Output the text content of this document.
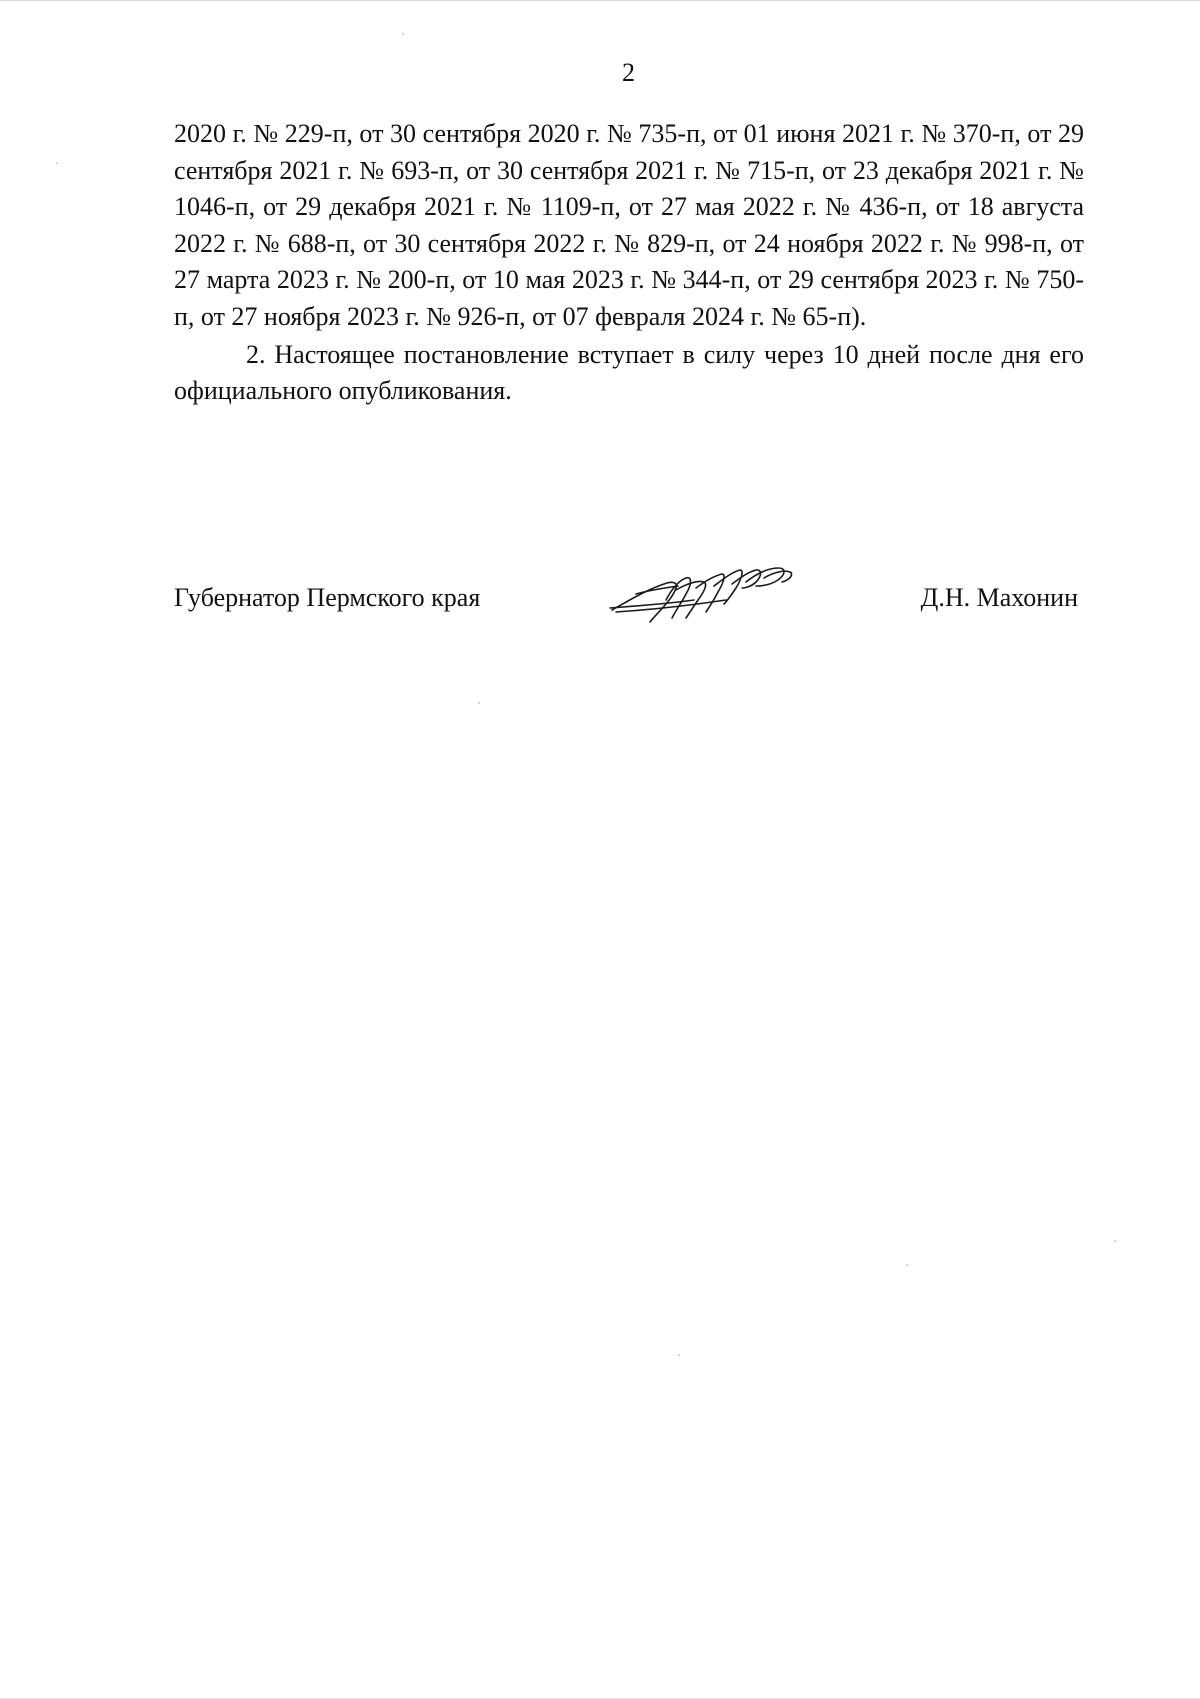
2

2020 г. № 229-п, от 30 сентября 2020 г. № 735-п, от 01 июня 2021 г. № 370-п, от 29 сентября 2021 г. № 693-п, от 30 сентября 2021 г. № 715-п, от 23 декабря 2021 г. № 1046-п, от 29 декабря 2021 г. № 1109-п, от 27 мая 2022 г. № 436-п, от 18 августа 2022 г. № 688-п, от 30 сентября 2022 г. № 829-п, от 24 ноября 2022 г. № 998-п, от 27 марта 2023 г. № 200-п, от 10 мая 2023 г. № 344-п, от 29 сентября 2023 г. № 750-п, от 27 ноября 2023 г. № 926-п, от 07 февраля 2024 г. № 65-п).

2. Настоящее постановление вступает в силу через 10 дней после дня его официального опубликования.

Губернатор Пермского края	Д.Н. Махонин
